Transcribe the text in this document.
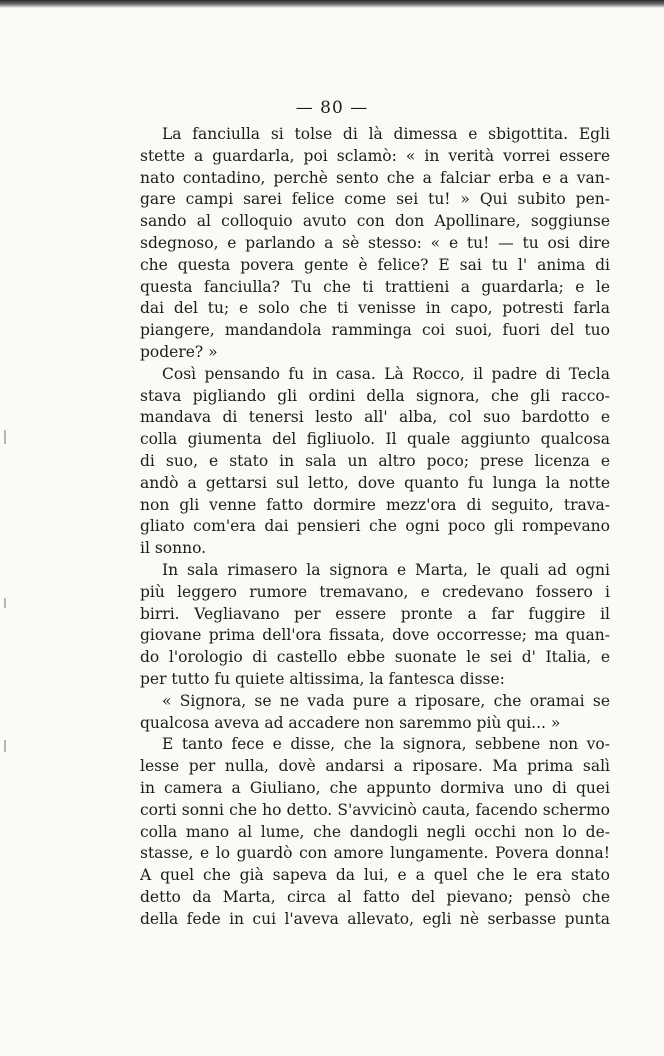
— 80 —
La fanciulla si tolse di là dimessa e sbigottita. Egli
stette a guardarla, poi sclamò: « in verità vorrei essere
nato contadino, perchè sento che a falciar erba e a van-
gare campi sarei felice come sei tu! » Qui subito pen-
sando al colloquio avuto con don Apollinare, soggiunse
sdegnoso, e parlando a sè stesso: « e tu! — tu osi dire
che questa povera gente è felice? E sai tu l' anima di
questa fanciulla? Tu che ti trattieni a guardarla; e le
dai del tu; e solo che ti venisse in capo, potresti farla
piangere, mandandola ramminga coi suoi, fuori del tuo
podere? »
Così pensando fu in casa. Là Rocco, il padre di Tecla
stava pigliando gli ordini della signora, che gli racco-
mandava di tenersi lesto all' alba, col suo bardotto e
colla giumenta del figliuolo. Il quale aggiunto qualcosa
di suo, e stato in sala un altro poco; prese licenza e
andò a gettarsi sul letto, dove quanto fu lunga la notte
non gli venne fatto dormire mezz'ora di seguito, trava-
gliato com'era dai pensieri che ogni poco gli rompevano
il sonno.
In sala rimasero la signora e Marta, le quali ad ogni
più leggero rumore tremavano, e credevano fossero i
birri. Vegliavano per essere pronte a far fuggire il
giovane prima dell'ora fissata, dove occorresse; ma quan-
do l'orologio di castello ebbe suonate le sei d' Italia, e
per tutto fu quiete altissima, la fantesca disse:
« Signora, se ne vada pure a riposare, che oramai se
qualcosa aveva ad accadere non saremmo più qui... »
E tanto fece e disse, che la signora, sebbene non vo-
lesse per nulla, dovè andarsi a riposare. Ma prima salì
in camera a Giuliano, che appunto dormiva uno di quei
corti sonni che ho detto. S'avvicinò cauta, facendo schermo
colla mano al lume, che dandogli negli occhi non lo de-
stasse, e lo guardò con amore lungamente. Povera donna!
A quel che già sapeva da lui, e a quel che le era stato
detto da Marta, circa al fatto del pievano; pensò che
della fede in cui l'aveva allevato, egli nè serbasse punta
